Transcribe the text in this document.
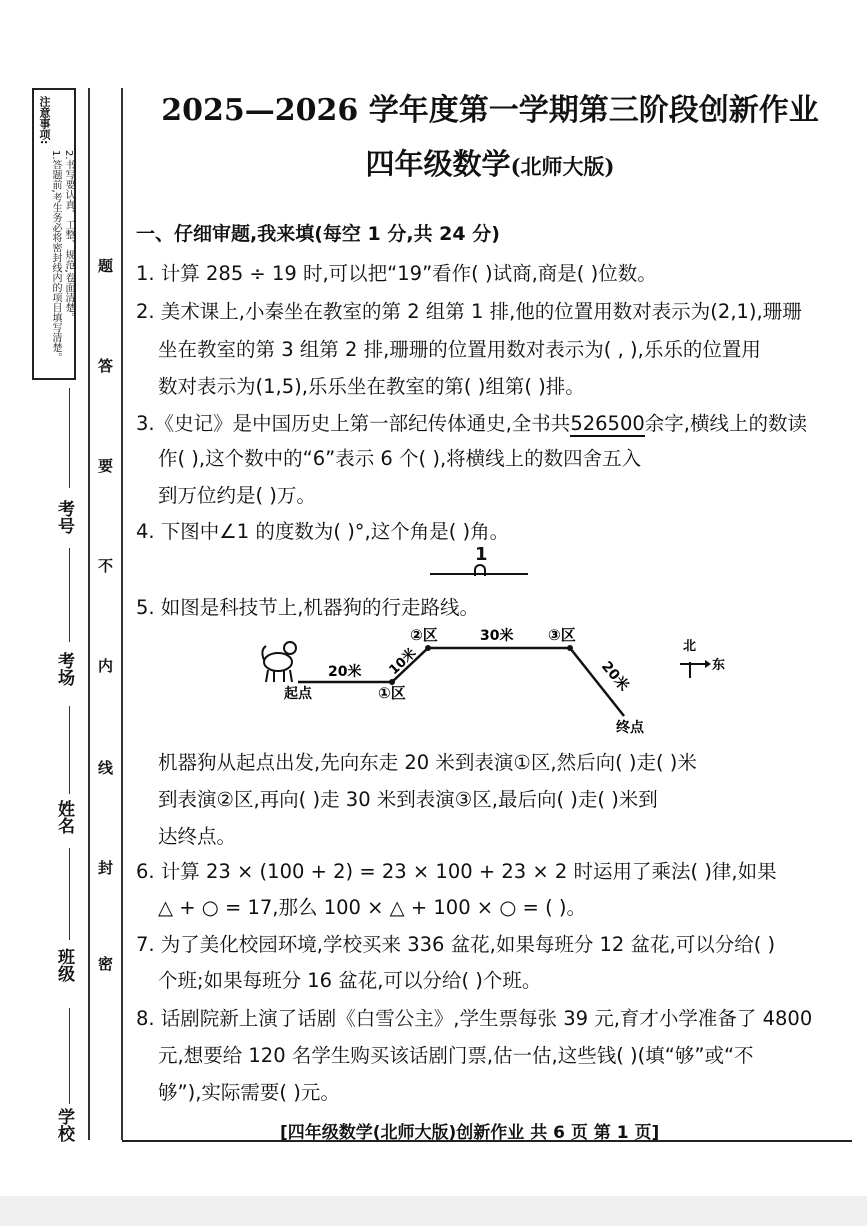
注意事项:
1.答题前,考生务必将密封线内的项目填写清楚。 2.书写要认真、工整、规范,卷面清楚。 题
答
要
不
内
线
封
密
考号
考场
姓名
班级
学校
2025—2026 学年度第一学期第三阶段创新作业
四年级数学(北师大版)
一、仔细审题,我来填(每空 1 分,共 24 分)
1. 计算 285 ÷ 19 时,可以把“19”看作( )试商,商是( )位数。
2. 美术课上,小秦坐在教室的第 2 组第 1 排,他的位置用数对表示为(2,1),珊珊
坐在教室的第 3 组第 2 排,珊珊的位置用数对表示为( , ),乐乐的位置用
数对表示为(1,5),乐乐坐在教室的第( )组第( )排。
3.《史记》是中国历史上第一部纪传体通史,全书共526500余字,横线上的数读
作( ),这个数中的“6”表示 6 个( ),将横线上的数四舍五入
到万位约是( )万。
4. 下图中∠1 的度数为( )°,这个角是( )角。
1
5. 如图是科技节上,机器狗的行走路线。
起点	①区
②区	③区
终点
20米 10米
30米
20米
北
东
机器狗从起点出发,先向东走 20 米到表演①区,然后向( )走( )米
到表演②区,再向( )走 30 米到表演③区,最后向( )走( )米到
达终点。
6. 计算 23 × (100 + 2) = 23 × 100 + 23 × 2 时运用了乘法( )律,如果
△ + ○ = 17,那么 100 × △ + 100 × ○ = ( )。
7. 为了美化校园环境,学校买来 336 盆花,如果每班分 12 盆花,可以分给( )
个班;如果每班分 16 盆花,可以分给( )个班。
8. 话剧院新上演了话剧《白雪公主》,学生票每张 39 元,育才小学准备了 4800
元,想要给 120 名学生购买该话剧门票,估一估,这些钱( )(填“够”或“不
够”),实际需要( )元。
[四年级数学(北师大版)创新作业 共 6 页 第 1 页]
